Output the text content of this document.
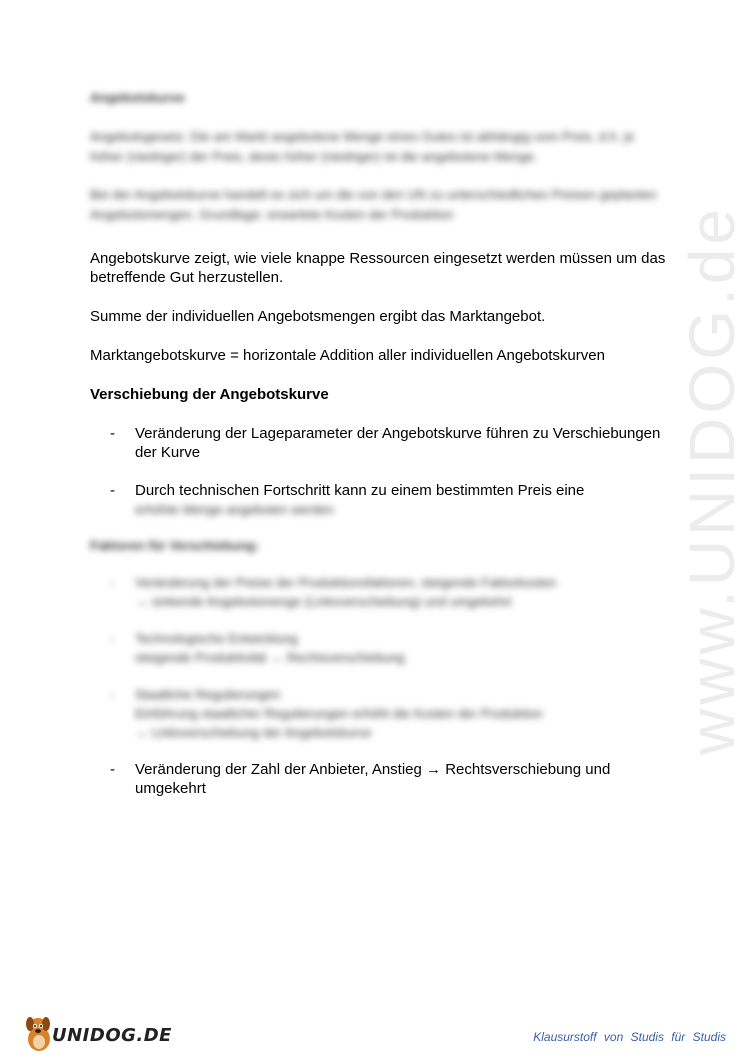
www.UNIDOG.de
Angebotskurve

Angebotsgesetz: Die am Markt angebotene Menge eines Gutes ist abhängig vom Preis, d.h. je höher (niedriger) der Preis, desto höher (niedriger) ist die angebotene Menge.

Bei der Angebotskurve handelt es sich um die von den UN zu unterschiedlichen Preisen geplanten Angebotsmengen. Grundlage: erwartete Kosten der Produktion

Angebotskurve zeigt, wie viele knappe Ressourcen eingesetzt werden müssen um das betreffende Gut herzustellen.

Summe der individuellen Angebotsmengen ergibt das Marktangebot.

Marktangebotskurve = horizontale Addition aller individuellen Angebotskurven

Verschiebung der Angebotskurve
- Veränderung der Lageparameter der Angebotskurve führen zu Verschiebungen der Kurve
- Durch technischen Fortschritt kann zu einem bestimmten Preis eine
erhöhte Menge angeboten werden
Faktoren für Verschiebung:
- Veränderung der Preise der Produktionsfaktoren, steigende Faktorkosten
→ sinkende Angebotsmenge (Linksverschiebung) und umgekehrt
- Technologische Entwicklung
steigende Produktivität → Rechtsverschiebung
- Staatliche Regulierungen
Einführung staatlicher Regulierungen erhöht die Kosten der Produktion
→ Linksverschiebung der Angebotskurve
- Veränderung der Zahl der Anbieter, Anstieg → Rechtsverschiebung und umgekehrt
UNIDOG.DE	Klausurstoff von Studis für Studis
